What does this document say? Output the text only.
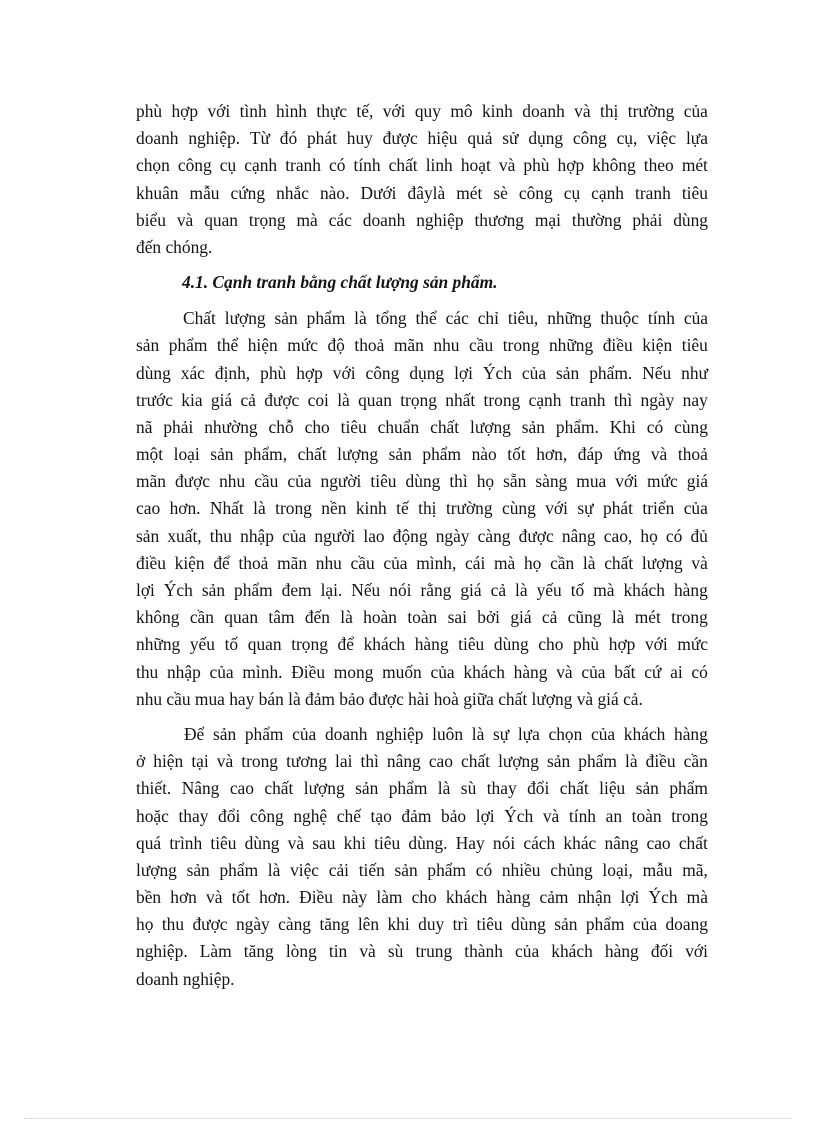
phù hợp với tình hình thực tế, với quy mô kinh doanh và thị trường của
doanh nghiệp. Từ đó phát huy được hiệu quả sử dụng công cụ, việc lựa
chọn công cụ cạnh tranh có tính chất linh hoạt và phù hợp không theo mét
khuân mẫu cứng nhắc nào. Dưới đâylà mét sè công cụ cạnh tranh tiêu
biểu và quan trọng mà các doanh nghiệp thương mại thường phải dùng
đến chóng.
4.1. Cạnh tranh bằng chất lượng sản phẩm.
Chất lượng sản phẩm là tổng thể các chỉ tiêu, những thuộc tính của
sản phẩm thể hiện mức độ thoả mãn nhu cầu trong những điều kiện tiêu
dùng xác định, phù hợp với công dụng lợi Ých của sản phẩm. Nếu như
trước kia giá cả được coi là quan trọng nhất trong cạnh tranh thì ngày nay
nã phải nhường chỗ cho tiêu chuẩn chất lượng sản phẩm. Khi có cùng
một loại sản phẩm, chất lượng sản phẩm nào tốt hơn, đáp ứng và thoả
mãn được nhu cầu của người tiêu dùng thì họ sẵn sàng mua với mức giá
cao hơn. Nhất là trong nền kinh tế thị trường cùng với sự phát triển của
sản xuất, thu nhập của người lao động ngày càng được nâng cao, họ có đủ
điều kiện để thoả mãn nhu cầu của mình, cái mà họ cần là chất lượng và
lợi Ých sản phẩm đem lại. Nếu nói rằng giá cả là yếu tố mà khách hàng
không cần quan tâm đến là hoàn toàn sai bởi giá cả cũng là mét trong
những yếu tố quan trọng để khách hàng tiêu dùng cho phù hợp với mức
thu nhập của mình. Điều mong muốn của khách hàng và của bất cứ ai có
nhu cầu mua hay bán là đảm bảo được hài hoà giữa chất lượng và giá cả.
Để sản phẩm của doanh nghiệp luôn là sự lựa chọn của khách hàng
ở hiện tại và trong tương lai thì nâng cao chất lượng sản phẩm là điều cần
thiết. Nâng cao chất lượng sản phẩm là sù thay đổi chất liệu sản phẩm
hoặc thay đổi công nghệ chế tạo đảm bảo lợi Ých và tính an toàn trong
quá trình tiêu dùng và sau khi tiêu dùng. Hay nói cách khác nâng cao chất
lượng sản phẩm là việc cải tiến sản phẩm có nhiều chủng loại, mẫu mã,
bền hơn và tốt hơn. Điều này làm cho khách hàng cảm nhận lợi Ých mà
họ thu được ngày càng tăng lên khi duy trì tiêu dùng sản phẩm của doang
nghiệp. Làm tăng lòng tin và sù trung thành của khách hàng đối với
doanh nghiệp.
